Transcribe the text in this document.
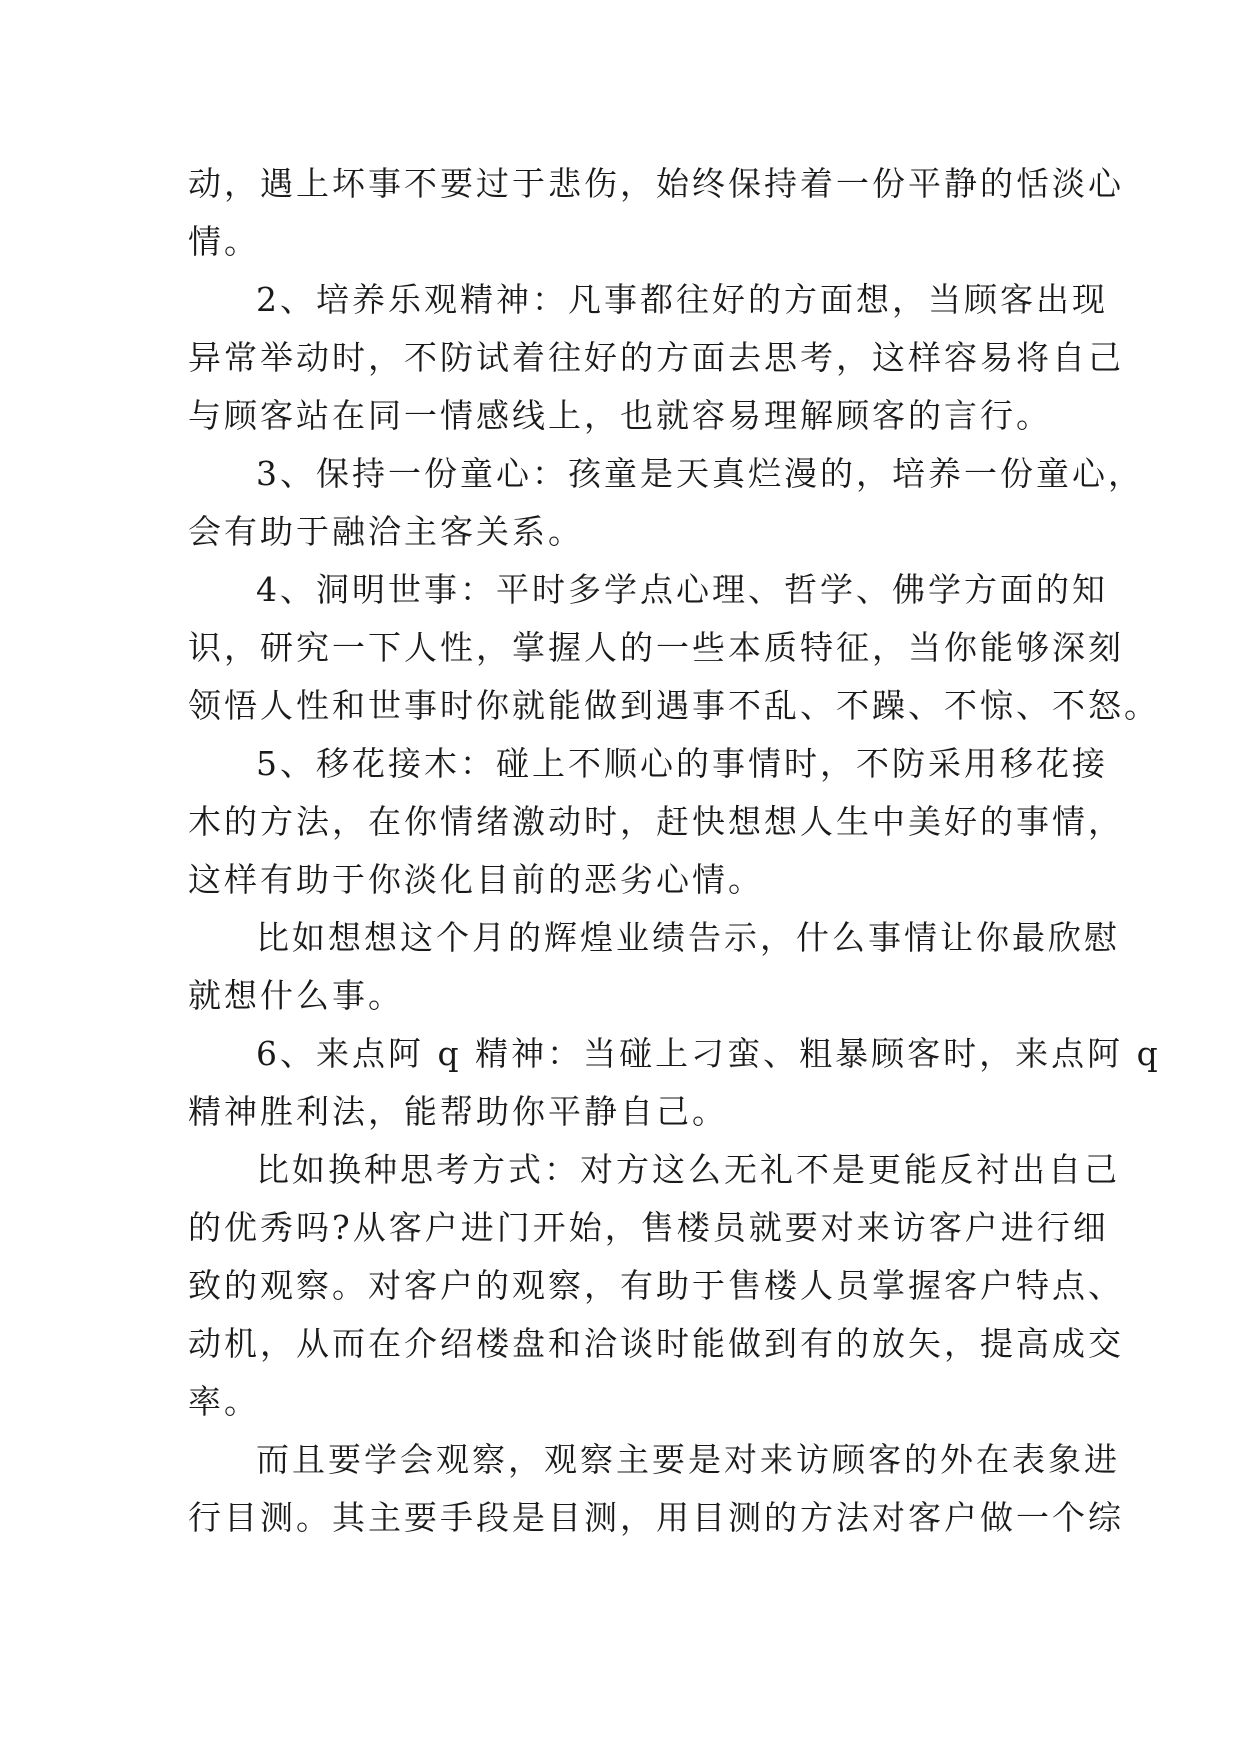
动，遇上坏事不要过于悲伤，始终保持着一份平静的恬淡心
情。
2、培养乐观精神：凡事都往好的方面想，当顾客出现
异常举动时，不防试着往好的方面去思考，这样容易将自己
与顾客站在同一情感线上，也就容易理解顾客的言行。
3、保持一份童心：孩童是天真烂漫的，培养一份童心，
会有助于融洽主客关系。
4、洞明世事：平时多学点心理、哲学、佛学方面的知
识，研究一下人性，掌握人的一些本质特征，当你能够深刻
领悟人性和世事时你就能做到遇事不乱、不躁、不惊、不怒。
5、移花接木：碰上不顺心的事情时，不防采用移花接
木的方法，在你情绪激动时，赶快想想人生中美好的事情，
这样有助于你淡化目前的恶劣心情。
比如想想这个月的辉煌业绩告示，什么事情让你最欣慰
就想什么事。
6、来点阿 q 精神：当碰上刁蛮、粗暴顾客时，来点阿 q
精神胜利法，能帮助你平静自己。
比如换种思考方式：对方这么无礼不是更能反衬出自己
的优秀吗?从客户进门开始，售楼员就要对来访客户进行细
致的观察。对客户的观察，有助于售楼人员掌握客户特点、
动机，从而在介绍楼盘和洽谈时能做到有的放矢，提高成交
率。
而且要学会观察，观察主要是对来访顾客的外在表象进
行目测。其主要手段是目测，用目测的方法对客户做一个综
